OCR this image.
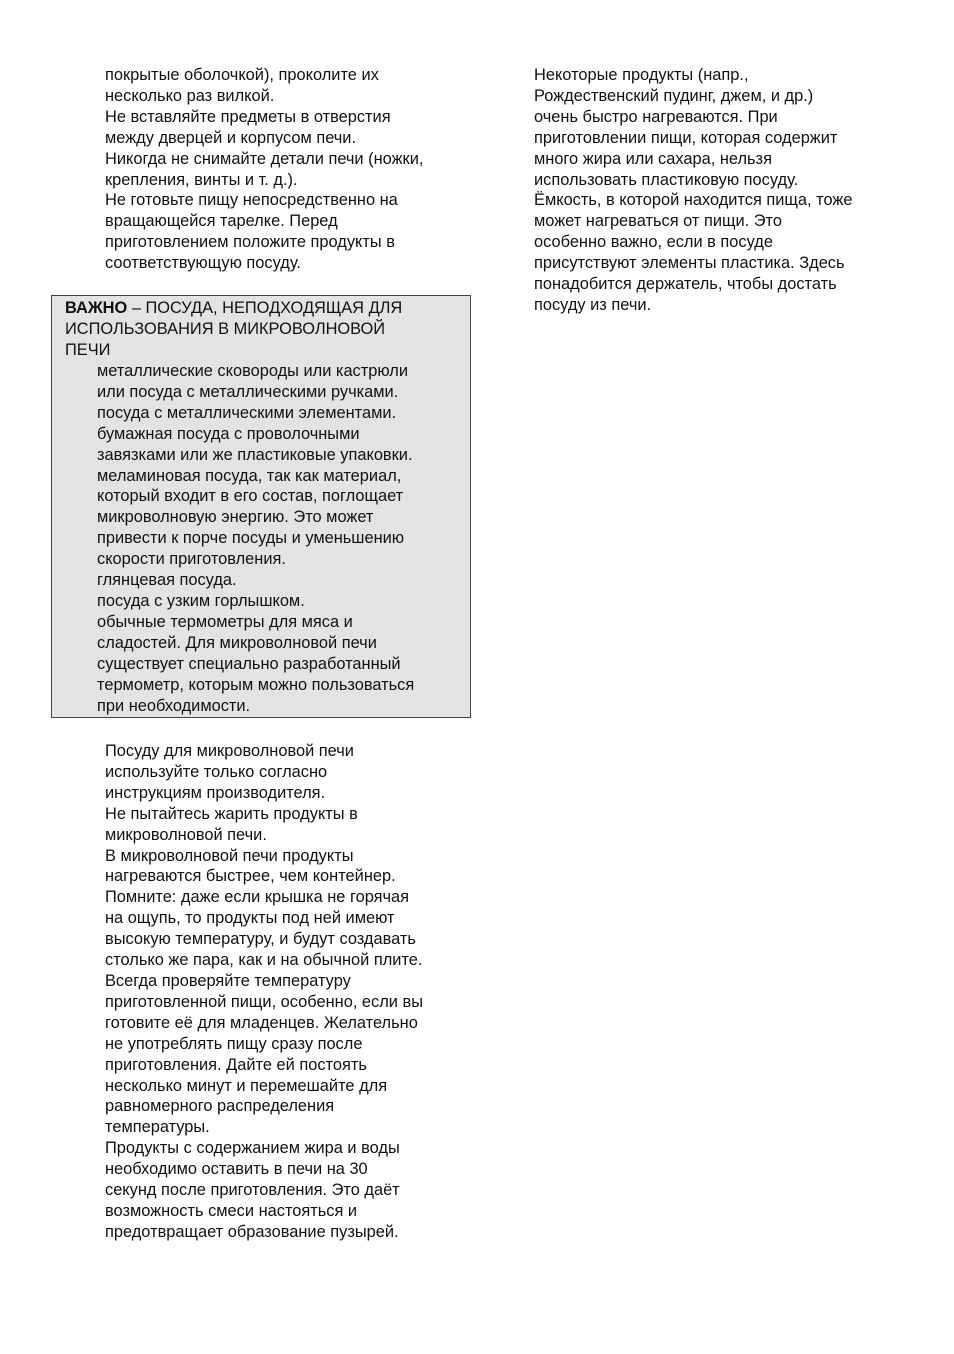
покрытые оболочкой), проколите их
несколько раз вилкой.
Не вставляйте предметы в отверстия
между дверцей и корпусом печи.
Никогда не снимайте детали печи (ножки,
крепления, винты и т. д.).
Не готовьте пищу непосредственно на
вращающейся тарелке. Перед
приготовлением положите продукты в
соответствующую посуду.
ВАЖНО – ПОСУДА, НЕПОДХОДЯЩАЯ ДЛЯ
ИСПОЛЬЗОВАНИЯ В МИКРОВОЛНОВОЙ
ПЕЧИ
металлические сковороды или кастрюли
или посуда с металлическими ручками.
посуда с металлическими элементами.
бумажная посуда с проволочными
завязками или же пластиковые упаковки.
меламиновая посуда, так как материал,
который входит в его состав, поглощает
микроволновую энергию. Это может
привести к порче посуды и уменьшению
скорости приготовления.
глянцевая посуда.
посуда с узким горлышком.
обычные термометры для мяса и
сладостей. Для микроволновой печи
существует специально разработанный
термометр, которым можно пользоваться
при необходимости.
Посуду для микроволновой печи
используйте только согласно
инструкциям производителя.
Не пытайтесь жарить продукты в
микроволновой печи.
В микроволновой печи продукты
нагреваются быстрее, чем контейнер.
Помните: даже если крышка не горячая
на ощупь, то продукты под ней имеют
высокую температуру, и будут создавать
столько же пара, как и на обычной плите.
Всегда проверяйте температуру
приготовленной пищи, особенно, если вы
готовите её для младенцев. Желательно
не употреблять пищу сразу после
приготовления. Дайте ей постоять
несколько минут и перемешайте для
равномерного распределения
температуры.
Продукты с содержанием жира и воды
необходимо оставить в печи на 30
секунд после приготовления. Это даёт
возможность смеси настояться и
предотвращает образование пузырей.
Некоторые продукты (напр.,
Рождественский пудинг, джем, и др.)
очень быстро нагреваются. При
приготовлении пищи, которая содержит
много жира или сахара, нельзя
использовать пластиковую посуду.
Ёмкость, в которой находится пища, тоже
может нагреваться от пищи. Это
особенно важно, если в посуде
присутствуют элементы пластика. Здесь
понадобится держатель, чтобы достать
посуду из печи.
